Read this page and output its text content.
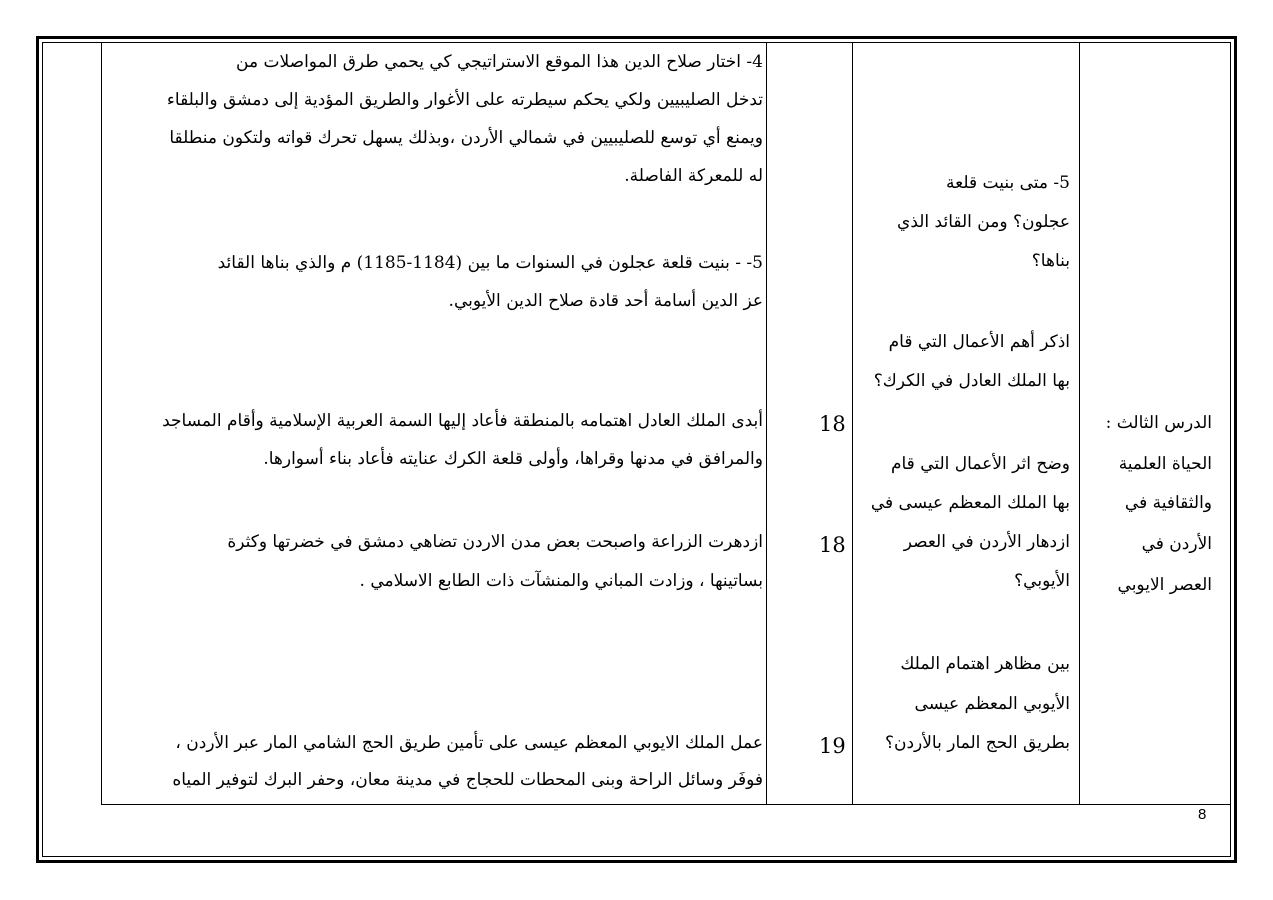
4- اختار صلاح الدين هذا الموقع الاستراتيجي كي يحمي طرق المواصلات من
تدخل الصليبيين ولكي يحكم سيطرته على الأغوار والطريق المؤدية إلى دمشق والبلقاء
ويمنع أي توسع للصليبيين في شمالي الأردن ،وبذلك يسهل تحرك قواته ولتكون منطلقا
له للمعركة الفاصلة.
5- - بنيت قلعة عجلون في السنوات ما بين (1184-1185) م والذي بناها القائد
عز الدين أسامة أحد قادة صلاح الدين الأيوبي.
أبدى الملك العادل اهتمامه بالمنطقة فأعاد إليها السمة العربية الإسلامية وأقام المساجد
والمرافق في مدنها وقراها، وأولى قلعة الكرك عنايته فأعاد بناء أسوارها.
ازدهرت الزراعة واصبحت بعض مدن الاردن تضاهي دمشق في خضرتها وكثرة
بساتينها ، وزادت المباني والمنشآت ذات الطابع الاسلامي .
عمل الملك الايوبي المعظم عيسى على تأمين طريق الحج الشامي المار عبر الأردن ،
فوفَر وسائل الراحة وبنى المحطات للحجاج في مدينة معان، وحفر البرك لتوفير المياه
18
18
19
5- متى بنيت قلعة
عجلون؟ ومن القائد الذي
بناها؟
اذكر أهم الأعمال التي قام
بها الملك العادل في الكرك؟
وضح اثر الأعمال التي قام
بها الملك المعظم عيسى في
ازدهار الأردن في العصر
الأيوبي؟
بين مظاهر اهتمام الملك
الأيوبي المعظم عيسى
بطريق الحج المار بالأردن؟
الدرس الثالث :
الحياة العلمية
والثقافية في
الأردن في
العصر الايوبي
8
